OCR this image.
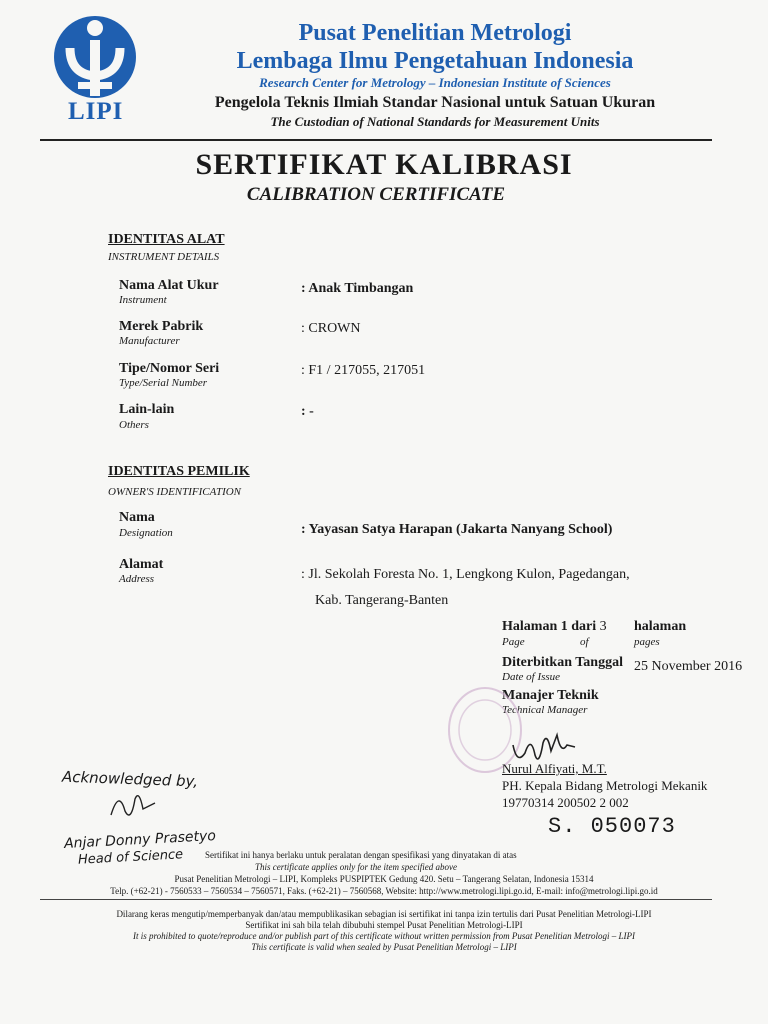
LIPI
Pusat Penelitian Metrologi
Lembaga Ilmu Pengetahuan Indonesia
Research Center for Metrology – Indonesian Institute of Sciences
Pengelola Teknis Ilmiah Standar Nasional untuk Satuan Ukuran
The Custodian of National Standards for Measurement Units
SERTIFIKAT KALIBRASI
CALIBRATION CERTIFICATE
IDENTITAS ALAT
INSTRUMENT DETAILS
Nama Alat Ukur
Instrument
: Anak Timbangan
Merek Pabrik
Manufacturer
: CROWN
Tipe/Nomor Seri
Type/Serial Number
: F1 / 217055, 217051
Lain-lain
Others
: -
IDENTITAS PEMILIK
OWNER'S IDENTIFICATION
Nama
Designation	: Yayasan Satya Harapan (Jakarta Nanyang School)
Alamat
Address	: Jl. Sekolah Foresta No. 1, Lengkong Kulon, Pagedangan,
Kab. Tangerang-Banten
Halaman 1 dari 3 halaman
Page	of	pages
Diterbitkan Tanggal
Date of Issue
25 November 2016
Manajer Teknik
Technical Manager
Nurul Alfiyati, M.T.
PH. Kepala Bidang Metrologi Mekanik
19770314 200502 2 002
S. 050073
Acknowledged by,
Anjar Donny Prasetyo
Head of Science Sertifikat ini hanya berlaku untuk peralatan dengan spesifikasi yang dinyatakan di atas
This certificate applies only for the item specified above
Pusat Penelitian Metrologi – LIPI, Kompleks PUSPIPTEK Gedung 420. Setu – Tangerang Selatan, Indonesia 15314
Telp. (+62-21) - 7560533 – 7560534 – 7560571, Faks. (+62-21) – 7560568, Website: http://www.metrologi.lipi.go.id, E-mail: info@metrologi.lipi.go.id
Dilarang keras mengutip/memperbanyak dan/atau mempublikasikan sebagian isi sertifikat ini tanpa izin tertulis dari Pusat Penelitian Metrologi-LIPI
Sertifikat ini sah bila telah dibubuhi stempel Pusat Penelitian Metrologi-LIPI
It is prohibited to quote/reproduce and/or publish part of this certificate without written permission from Pusat Penelitian Metrologi – LIPI
This certificate is valid when sealed by Pusat Penelitian Metrologi – LIPI
